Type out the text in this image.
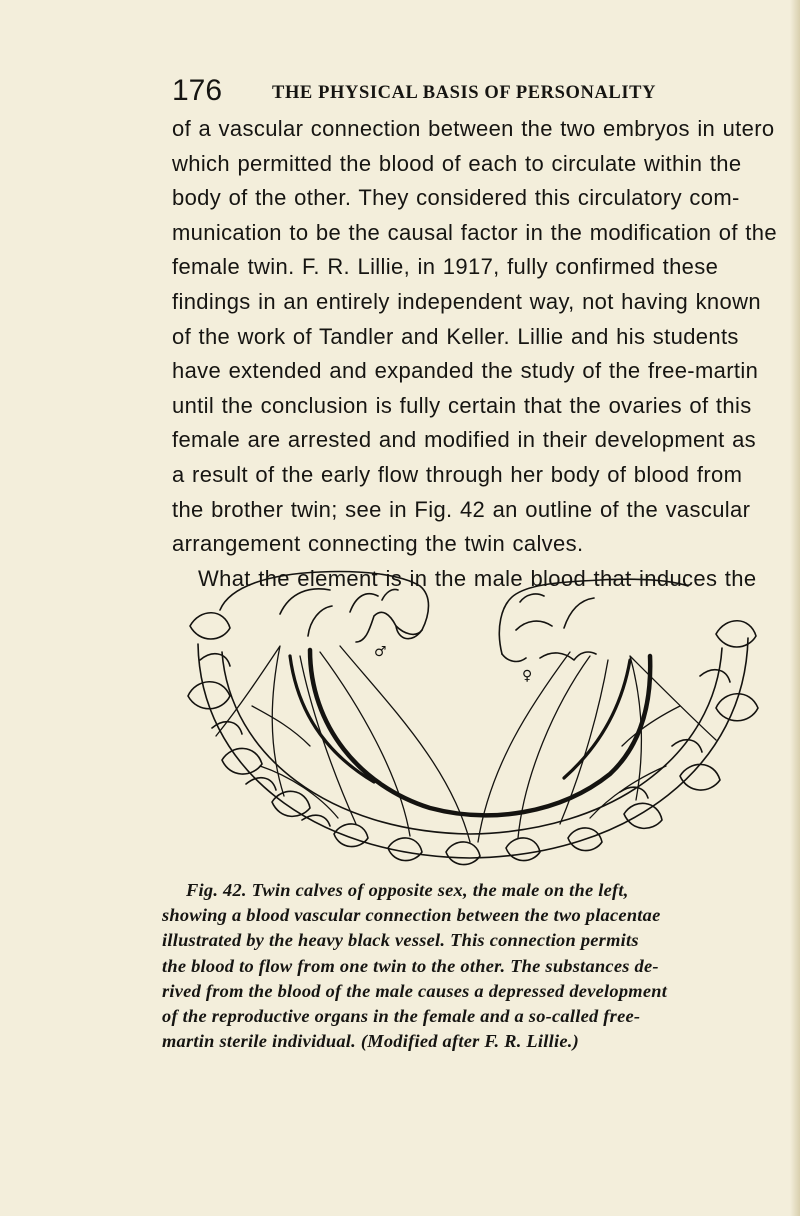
176	THE PHYSICAL BASIS OF PERSONALITY

of a vascular connection between the two embryos in utero
which permitted the blood of each to circulate within the
body of the other. They considered this circulatory com-
munication to be the causal factor in the modification of the
female twin. F. R. Lillie, in 1917, fully confirmed these
findings in an entirely independent way, not having known
of the work of Tandler and Keller. Lillie and his students
have extended and expanded the study of the free-martin
until the conclusion is fully certain that the ovaries of this
female are arrested and modified in their development as
a result of the early flow through her body of blood from
the brother twin; see in Fig. 42 an outline of the vascular
arrangement connecting the twin calves.
What the element is in the male blood that induces the

♂
♀

Fig. 42. Twin calves of opposite sex, the male on the left,
showing a blood vascular connection between the two placentae
illustrated by the heavy black vessel. This connection permits
the blood to flow from one twin to the other. The substances de-
rived from the blood of the male causes a depressed development
of the reproductive organs in the female and a so-called free-
martin sterile individual. (Modified after F. R. Lillie.)
